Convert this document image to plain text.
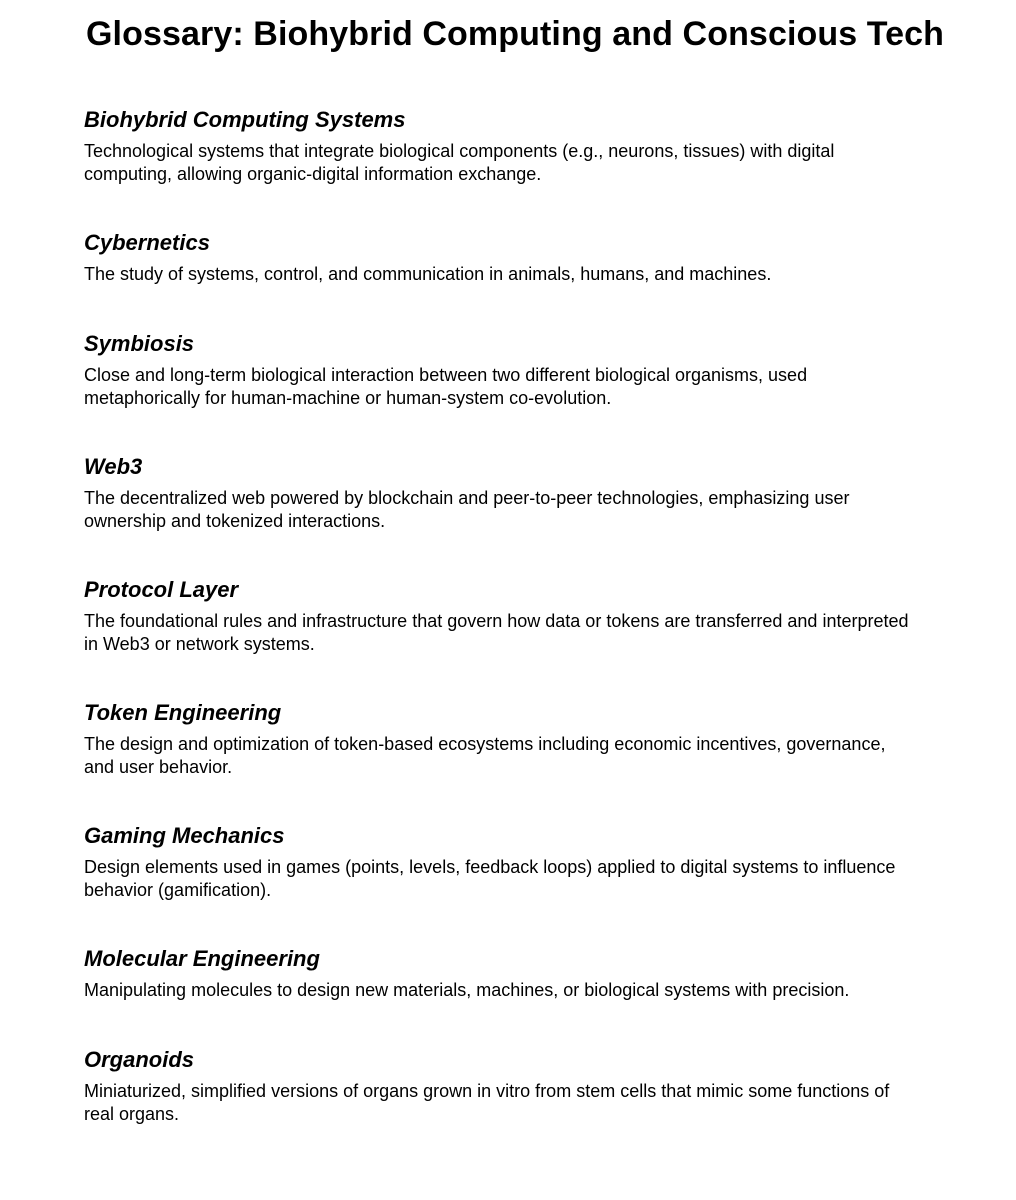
Glossary: Biohybrid Computing and Conscious Tech
Biohybrid Computing Systems

Technological systems that integrate biological components (e.g., neurons, tissues) with digital computing, allowing organic-digital information exchange.

Cybernetics

The study of systems, control, and communication in animals, humans, and machines.

Symbiosis

Close and long-term biological interaction between two different biological organisms, used metaphorically for human-machine or human-system co-evolution.

Web3

The decentralized web powered by blockchain and peer-to-peer technologies, emphasizing user ownership and tokenized interactions.

Protocol Layer

The foundational rules and infrastructure that govern how data or tokens are transferred and interpreted in Web3 or network systems.

Token Engineering

The design and optimization of token-based ecosystems including economic incentives, governance, and user behavior.

Gaming Mechanics

Design elements used in games (points, levels, feedback loops) applied to digital systems to influence behavior (gamification).

Molecular Engineering

Manipulating molecules to design new materials, machines, or biological systems with precision.

Organoids

Miniaturized, simplified versions of organs grown in vitro from stem cells that mimic some functions of real organs.
